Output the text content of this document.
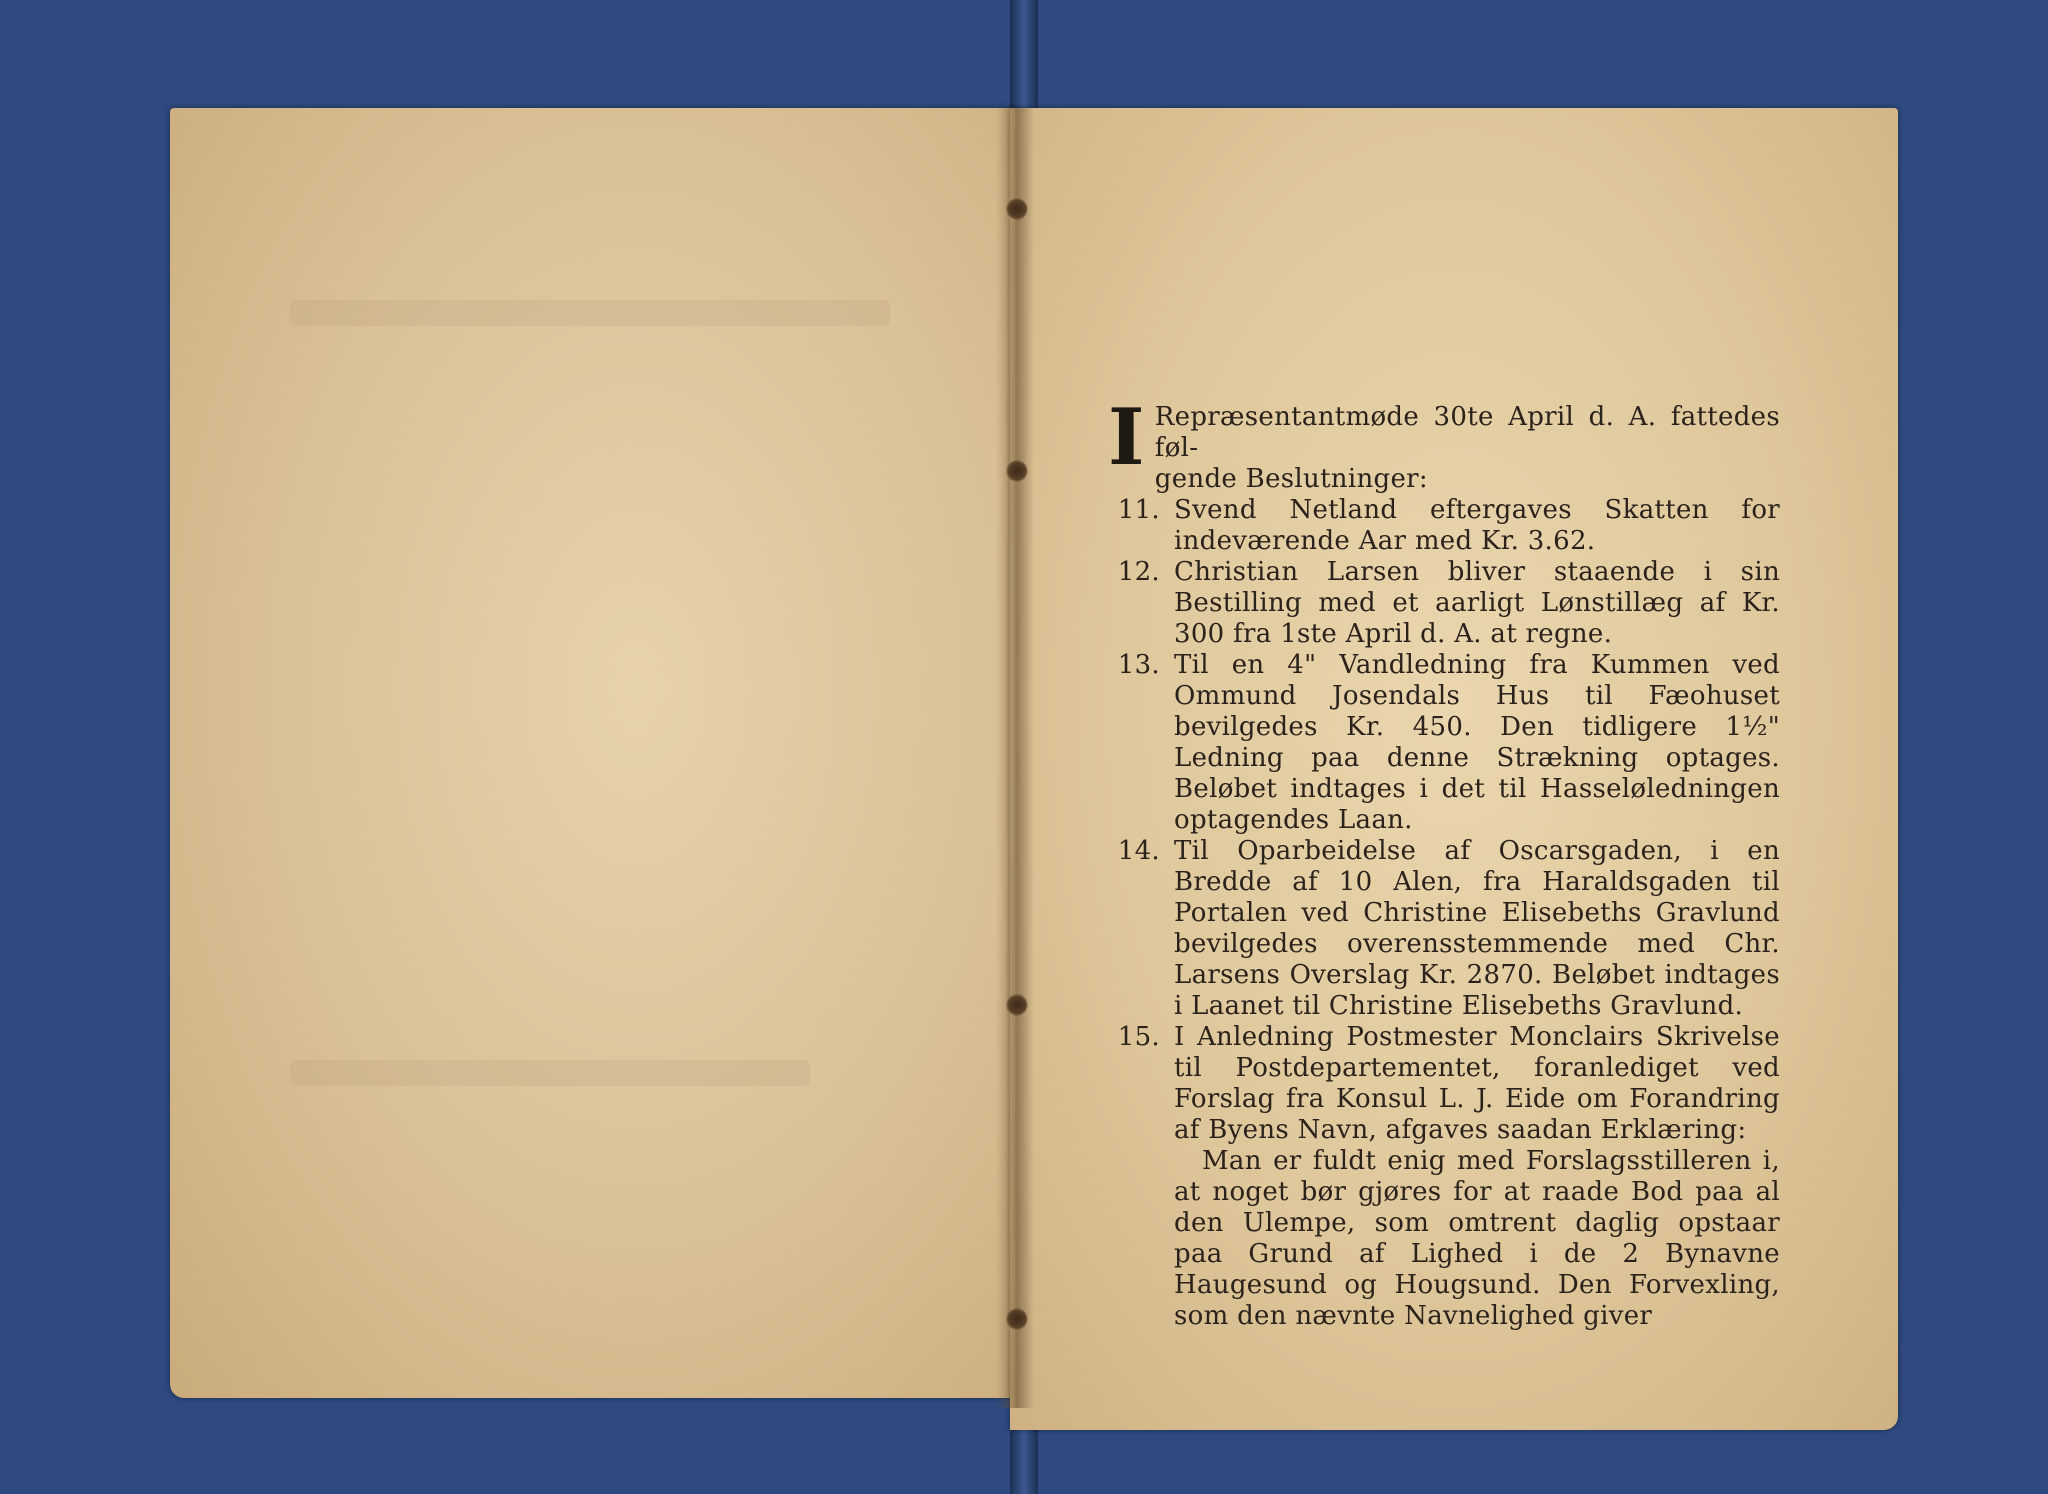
I Repræsentantmøde 30te April d. A. fattedes føl-
gende Beslutninger:
11. Svend Netland eftergaves Skatten for indeværende Aar med Kr. 3.62.

12. Christian Larsen bliver staaende i sin Bestilling med et aarligt Lønstillæg af Kr. 300 fra 1ste April d. A. at regne.

13. Til en 4" Vandledning fra Kummen ved Ommund Josendals Hus til Fæohuset bevilgedes Kr. 450. Den tidligere 1½" Ledning paa denne Strækning optages. Beløbet indtages i det til Hasseløledningen optagendes Laan.

14. Til Oparbeidelse af Oscarsgaden, i en Bredde af 10 Alen, fra Haraldsgaden til Portalen ved Christine Elisebeths Gravlund bevilgedes overensstemmende med Chr. Larsens Overslag Kr. 2870. Beløbet indtages i Laanet til Christine Elisebeths Gravlund.

15. I Anledning Postmester Monclairs Skrivelse til Postdepartementet, foranlediget ved Forslag fra Konsul L. J. Eide om Forandring af Byens Navn, afgaves saadan Erklæring:

Man er fuldt enig med Forslagsstilleren i, at noget bør gjøres for at raade Bod paa al den Ulempe, som omtrent daglig opstaar paa Grund af Lighed i de 2 Bynavne Haugesund og Hougsund. Den Forvexling, som den nævnte Navnelighed giver
